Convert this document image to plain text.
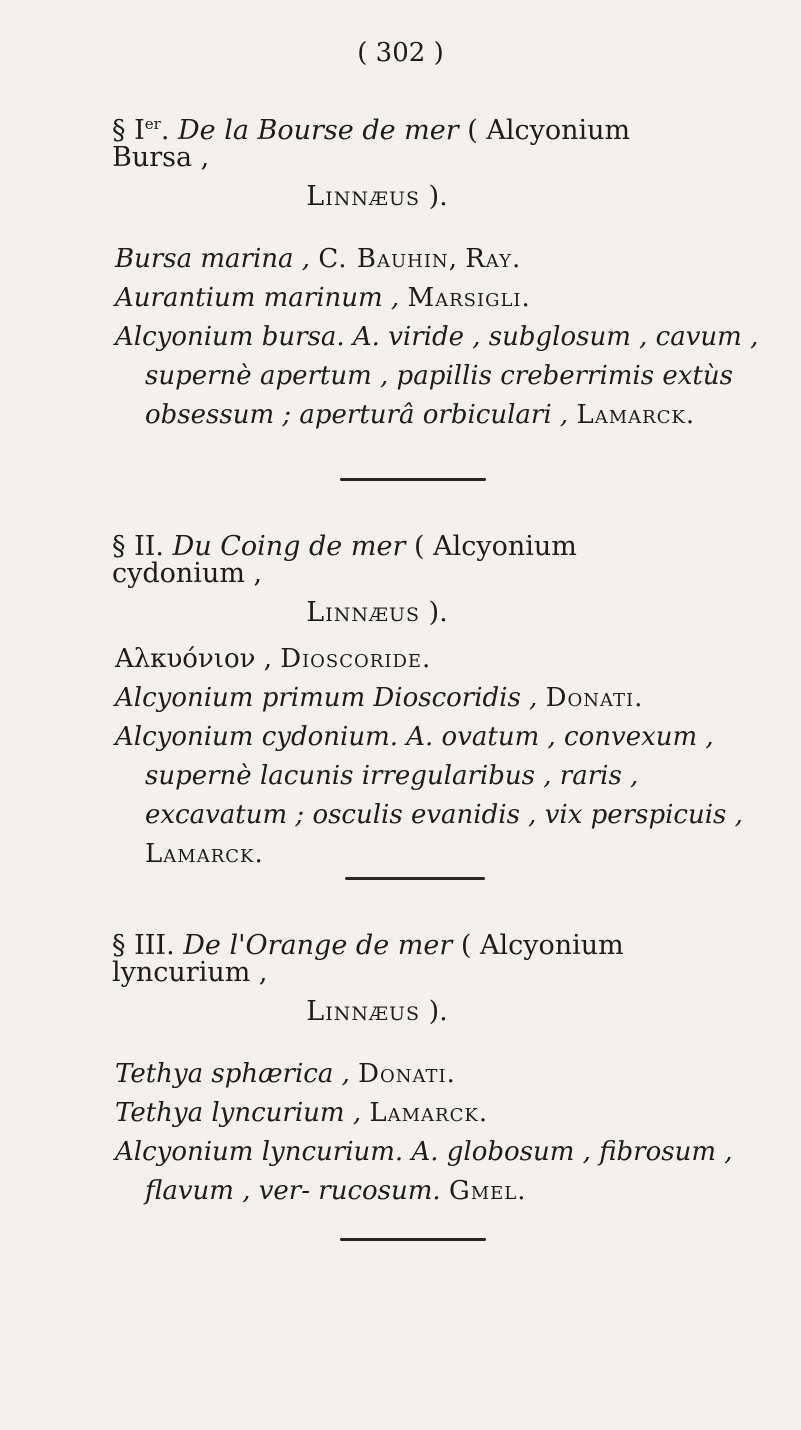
( 302 )
§ Ier. De la Bourse de mer ( Alcyonium Bursa ,
Linnæus ).

Bursa marina , C. Bauhin, Ray.

Aurantium marinum , Marsigli.

Alcyonium bursa. A. viride , subglosum , cavum , supernè apertum , papillis creberrimis extùs obsessum ; aperturâ orbiculari , Lamarck.

§ II. Du Coing de mer ( Alcyonium cydonium ,
Linnæus ).

Αλκυόνιον , Dioscoride.

Alcyonium primum Dioscoridis , Donati.

Alcyonium cydonium. A. ovatum , convexum , supernè lacunis irregularibus , raris , excavatum ; osculis evanidis , vix perspicuis , Lamarck.

§ III. De l'Orange de mer ( Alcyonium lyncurium ,
Linnæus ).

Tethya sphærica , Donati.

Tethya lyncurium , Lamarck.

Alcyonium lyncurium. A. globosum , fibrosum , flavum , ver- rucosum. Gmel.
